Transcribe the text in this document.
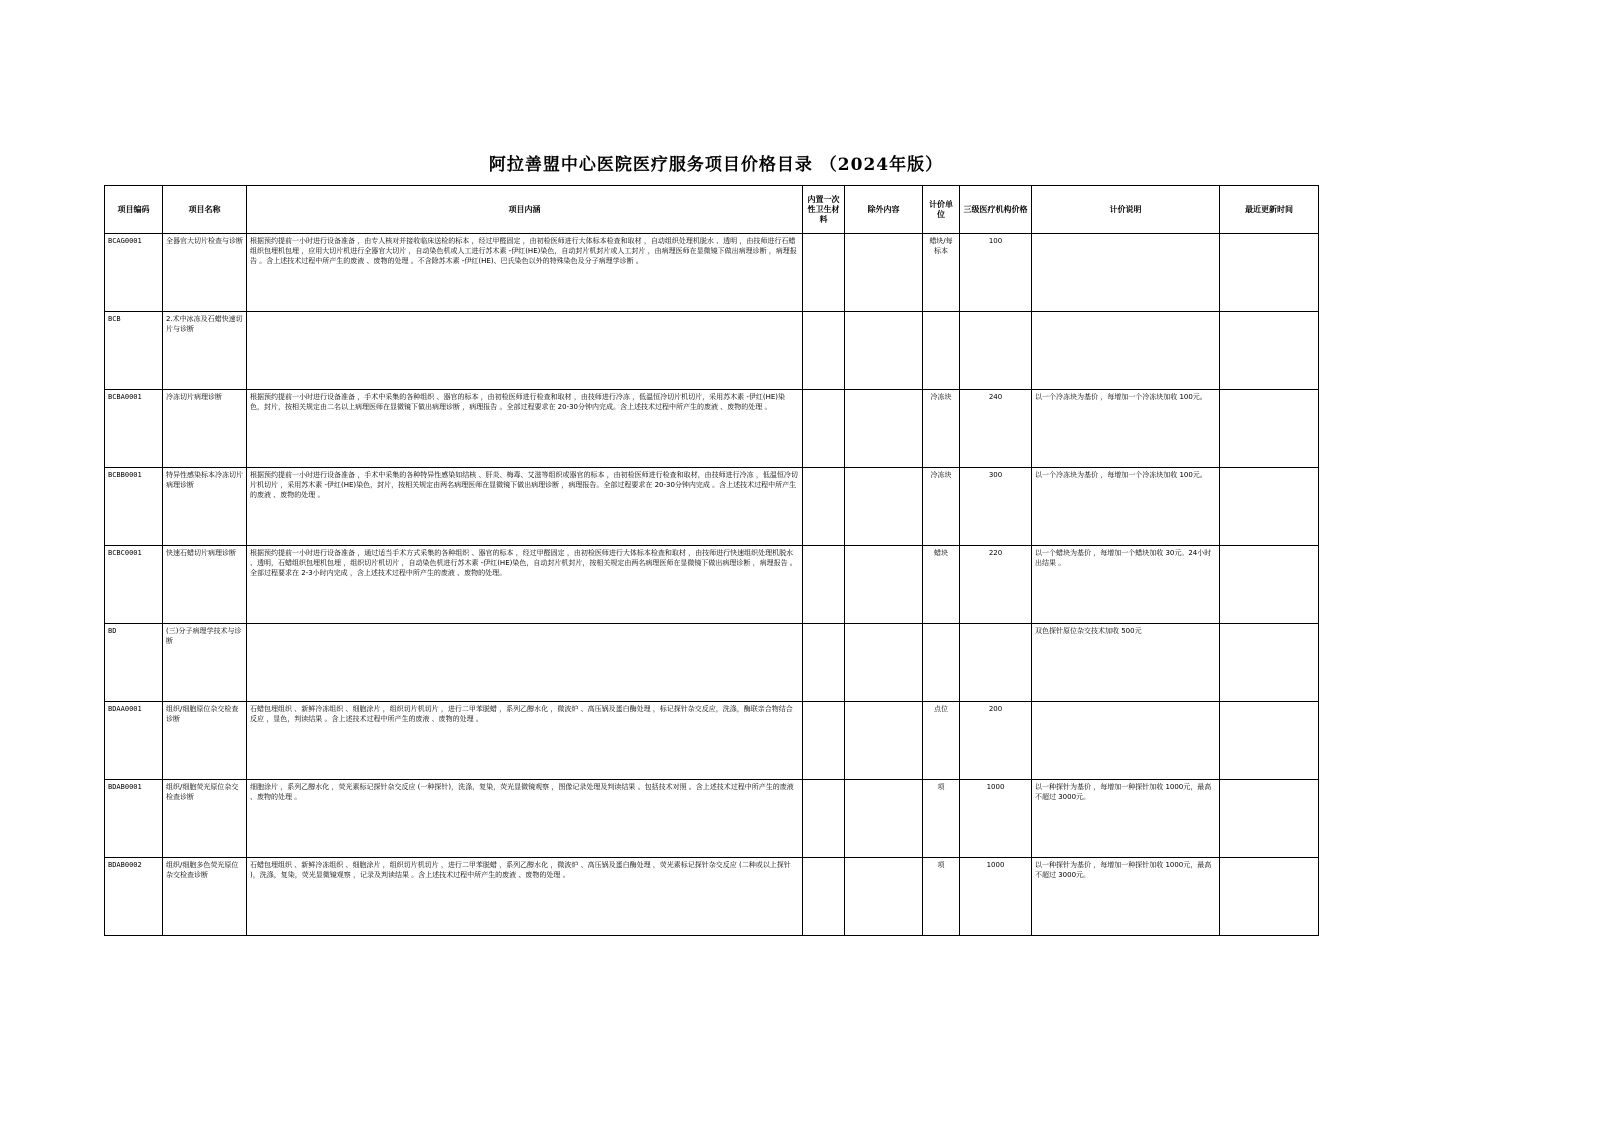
阿拉善盟中心医院医疗服务项目价格目录 （2024年版）
项目编码	项目名称	项目内涵	内置一次性卫生材料	除外内容	计价单位	三级医疗机构价格	计价说明	最近更新时间
BCAG0001	全器官大切片检查与诊断	根据预约提前一小时进行设备准备 ，由专人核对并接收临床送检的标本 ，经过甲醛固定 ，由初检医师进行大体标本检查和取材 ，自动组织处理机脱水 、透明 ，由技师进行石蜡组织包埋机包埋 ，应用大切片机进行全器官大切片 ，自动染色机或人工进行苏木素 -伊红(HE)染色，自动封片机封片或人工封片 ，由病理医师在显微镜下做出病理诊断 ，病理报告 。含上述技术过程中所产生的废液 、废物的处理 。不含除苏木素 -伊红(HE)、巴氏染色以外的特殊染色及分子病理学诊断 。			蜡块/每标本	100		
BCB	2.术中冰冻及石蜡快速切片与诊断							
BCBA0001	冷冻切片病理诊断	根据预约提前一小时进行设备准备 ，手术中采集的各种组织 、器官的标本 ，由初检医师进行检查和取材 ，由技师进行冷冻 ，低温恒冷切片机切片，采用苏木素 -伊红(HE)染色，封片，按相关规定由二名以上病理医师在显微镜下做出病理诊断 ，病理报告 。全部过程要求在 20-30分钟内完成。含上述技术过程中所产生的废液 、废物的处理 。			冷冻块	240	以一个冷冻块为基价 ，每增加一个冷冻块加收 100元。	
BCBB0001	特异性感染标本冷冻切片病理诊断	根据预约提前一小时进行设备准备 ，手术中采集的各种特异性感染如结核 、肝炎、梅毒、艾滋等组织或器官的标本 ，由初检医师进行检查和取材，由技师进行冷冻 ，低温恒冷切片机切片 ，采用苏木素 -伊红(HE)染色，封片，按相关规定由两名病理医师在显微镜下做出病理诊断 ，病理报告。全部过程要求在 20-30分钟内完成 。含上述技术过程中所产生的废液 、废物的处理 。			冷冻块	300	以一个冷冻块为基价 ，每增加一个冷冻块加收 100元。	
BCBC0001	快速石蜡切片病理诊断	根据预约提前一小时进行设备准备 ，通过适当手术方式采集的各种组织 、器官的标本 ，经过甲醛固定 ，由初检医师进行大体标本检查和取材 ，由技师进行快速组织处理机脱水 、透明，石蜡组织包埋机包埋 ，组织切片机切片 ，自动染色机进行苏木素 -伊红(HE)染色，自动封片机封片，按相关规定由两名病理医师在显微镜下做出病理诊断 ，病理报告 。全部过程要求在 2-3小时内完成 ，含上述技术过程中所产生的废液 、废物的处理。			蜡块	220	以一个蜡块为基价 ，每增加一个蜡块加收 30元。24小时出结果 。	
BD	(三)分子病理学技术与诊断						双色探针原位杂交技术加收 500元	
BDAA0001	组织/细胞原位杂交检查诊断	石蜡包埋组织 、新鲜冷冻组织 、细胞涂片 ，组织切片机切片 ，进行二甲苯脱蜡 ，系列乙醇水化 ，微波炉 、高压锅及蛋白酶处理 ，标记探针杂交反应，洗涤，酶联亲合物结合反应 ，显色，判读结果 。含上述技术过程中所产生的废液 、废物的处理 。			点位	200		
BDAB0001	组织/细胞荧光原位杂交检查诊断	细胞涂片 ，系列乙醇水化 ，荧光素标记探针杂交反应 (一种探针)，洗涤，复染，荧光显微镜观察 ，图像记录处理及判读结果 。包括技术对照 。含上述技术过程中所产生的废液 、废物的处理 。			项	1000	以一种探针为基价 ，每增加一种探针加收 1000元，最高不超过 3000元。	
BDAB0002	组织/细胞多色荧光原位杂交检查诊断	石蜡包埋组织 、新鲜冷冻组织 、细胞涂片 ，组织切片机切片 ，进行二甲苯脱蜡 ，系列乙醇水化 ，微波炉 、高压锅及蛋白酶处理 ，荧光素标记探针杂交反应 (二种或以上探针 )，洗涤，复染，荧光显微镜观察 ，记录及判读结果 。含上述技术过程中所产生的废液 、废物的处理 。			项	1000	以一种探针为基价 ，每增加一种探针加收 1000元，最高不超过 3000元。	
